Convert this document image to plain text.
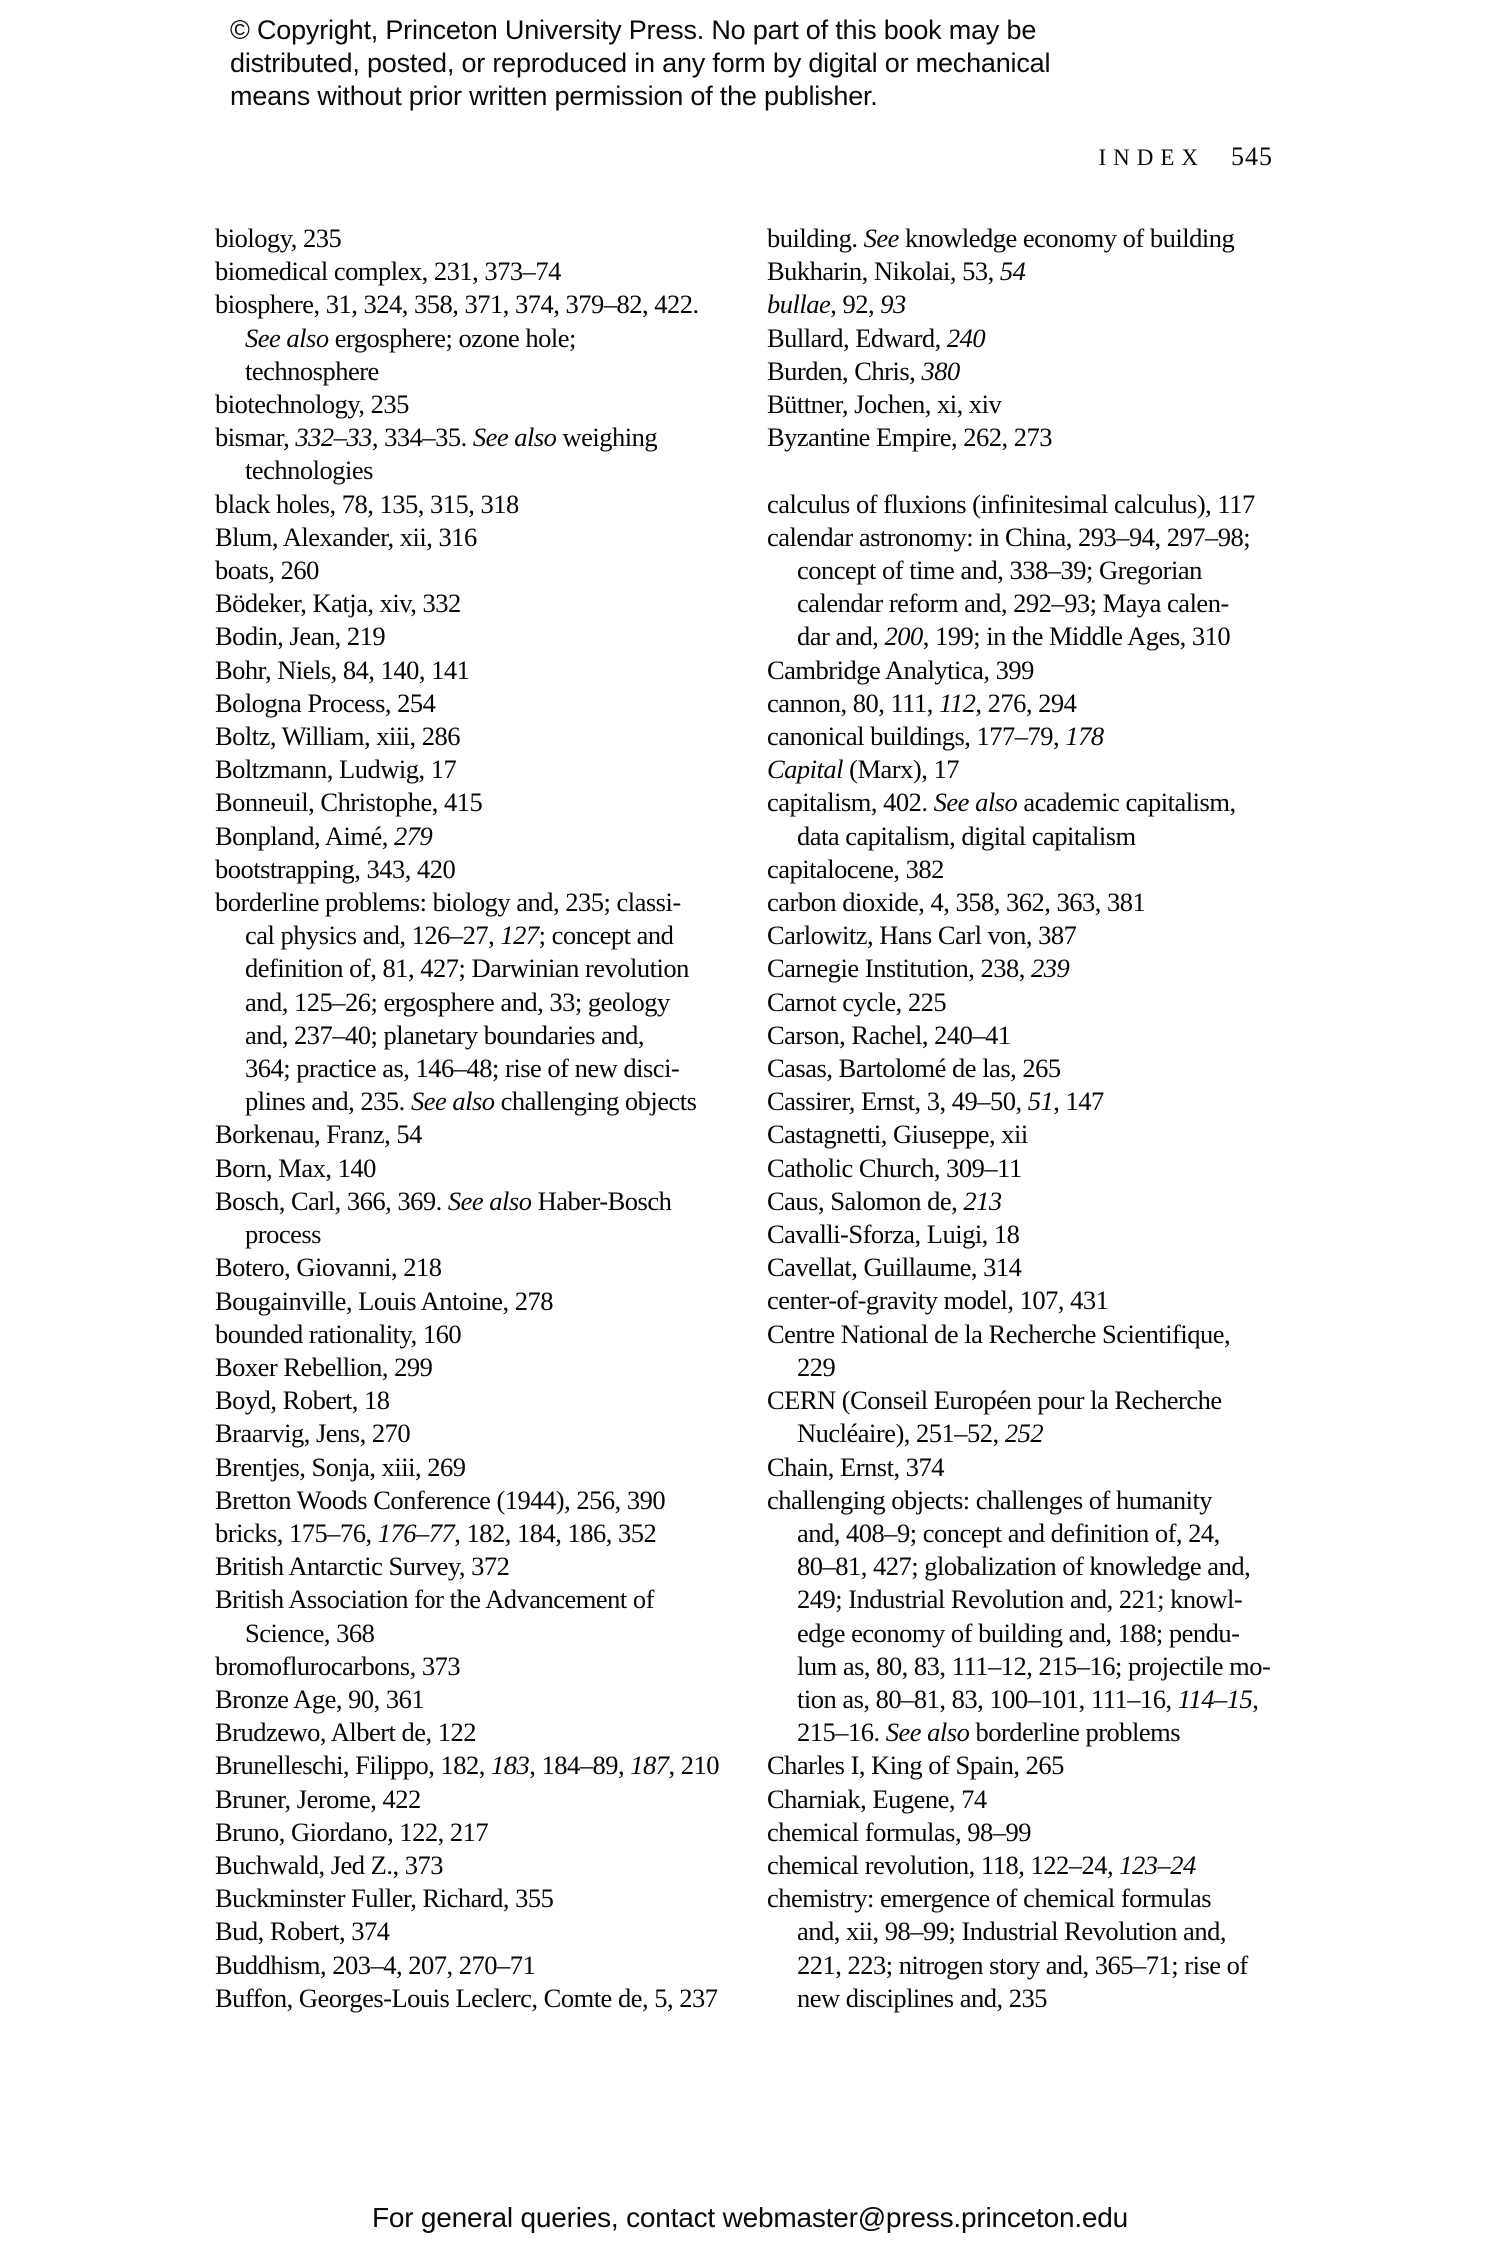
© Copyright, Princeton University Press. No part of this book may be
distributed, posted, or reproduced in any form by digital or mechanical
means without prior written permission of the publisher.
INDEX 545
biology, 235
biomedical complex, 231, 373–74
biosphere, 31, 324, 358, 371, 374, 379–82, 422.
See also ergosphere; ozone hole;
technosphere
biotechnology, 235
bismar, 332–33, 334–35. See also weighing
technologies
black holes, 78, 135, 315, 318
Blum, Alexander, xii, 316
boats, 260
Bödeker, Katja, xiv, 332
Bodin, Jean, 219
Bohr, Niels, 84, 140, 141
Bologna Process, 254
Boltz, William, xiii, 286
Boltzmann, Ludwig, 17
Bonneuil, Christophe, 415
Bonpland, Aimé, 279
bootstrapping, 343, 420
borderline problems: biology and, 235; classi-
cal physics and, 126–27, 127; concept and
definition of, 81, 427; Darwinian revolution
and, 125–26; ergosphere and, 33; geology
and, 237–40; planetary boundaries and,
364; practice as, 146–48; rise of new disci-
plines and, 235. See also challenging objects
Borkenau, Franz, 54
Born, Max, 140
Bosch, Carl, 366, 369. See also Haber-Bosch
process
Botero, Giovanni, 218
Bougainville, Louis Antoine, 278
bounded rationality, 160
Boxer Rebellion, 299
Boyd, Robert, 18
Braarvig, Jens, 270
Brentjes, Sonja, xiii, 269
Bretton Woods Conference (1944), 256, 390
bricks, 175–76, 176–77, 182, 184, 186, 352
British Antarctic Survey, 372
British Association for the Advancement of
Science, 368
bromoflurocarbons, 373
Bronze Age, 90, 361
Brudzewo, Albert de, 122
Brunelleschi, Filippo, 182, 183, 184–89, 187, 210
Bruner, Jerome, 422
Bruno, Giordano, 122, 217
Buchwald, Jed Z., 373
Buckminster Fuller, Richard, 355
Bud, Robert, 374
Buddhism, 203–4, 207, 270–71
Buffon, Georges-Louis Leclerc, Comte de, 5, 237
building. See knowledge economy of building
Bukharin, Nikolai, 53, 54
bullae, 92, 93
Bullard, Edward, 240
Burden, Chris, 380
Büttner, Jochen, xi, xiv
Byzantine Empire, 262, 273
calculus of fluxions (infinitesimal calculus), 117
calendar astronomy: in China, 293–94, 297–98;
concept of time and, 338–39; Gregorian
calendar reform and, 292–93; Maya calen-
dar and, 200, 199; in the Middle Ages, 310
Cambridge Analytica, 399
cannon, 80, 111, 112, 276, 294
canonical buildings, 177–79, 178
Capital (Marx), 17
capitalism, 402. See also academic capitalism,
data capitalism, digital capitalism
capitalocene, 382
carbon dioxide, 4, 358, 362, 363, 381
Carlowitz, Hans Carl von, 387
Carnegie Institution, 238, 239
Carnot cycle, 225
Carson, Rachel, 240–41
Casas, Bartolomé de las, 265
Cassirer, Ernst, 3, 49–50, 51, 147
Castagnetti, Giuseppe, xii
Catholic Church, 309–11
Caus, Salomon de, 213
Cavalli-Sforza, Luigi, 18
Cavellat, Guillaume, 314
center-of-gravity model, 107, 431
Centre National de la Recherche Scientifique,
229
CERN (Conseil Européen pour la Recherche
Nucléaire), 251–52, 252
Chain, Ernst, 374
challenging objects: challenges of humanity
and, 408–9; concept and definition of, 24,
80–81, 427; globalization of knowledge and,
249; Industrial Revolution and, 221; knowl-
edge economy of building and, 188; pendu-
lum as, 80, 83, 111–12, 215–16; projectile mo-
tion as, 80–81, 83, 100–101, 111–16, 114–15,
215–16. See also borderline problems
Charles I, King of Spain, 265
Charniak, Eugene, 74
chemical formulas, 98–99
chemical revolution, 118, 122–24, 123–24
chemistry: emergence of chemical formulas
and, xii, 98–99; Industrial Revolution and,
221, 223; nitrogen story and, 365–71; rise of
new disciplines and, 235
For general queries, contact webmaster@press.princeton.edu
